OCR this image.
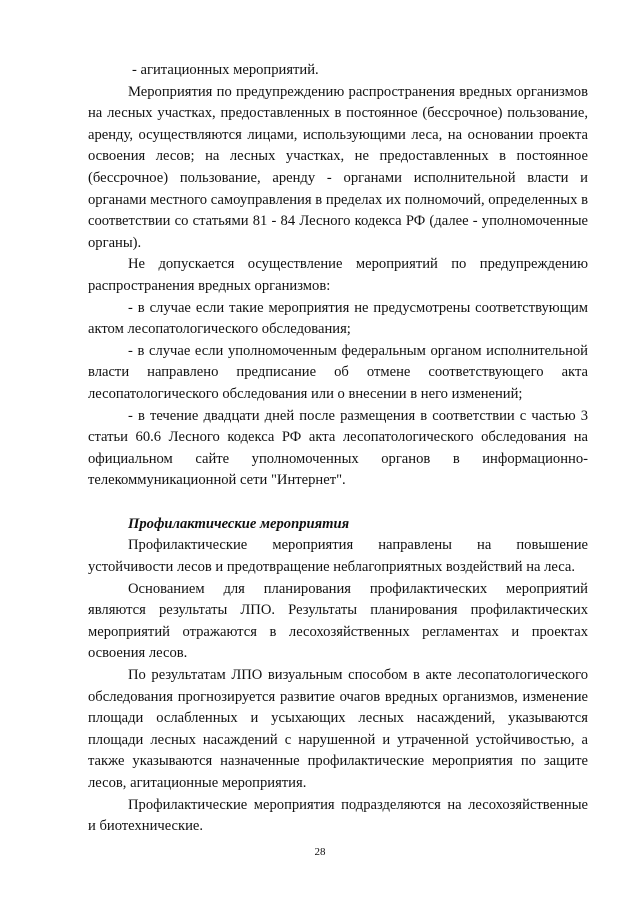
- агитационных мероприятий.

Мероприятия по предупреждению распространения вредных организмов на лесных участках, предоставленных в постоянное (бессрочное) пользование, аренду, осуществляются лицами, использующими леса, на основании проекта освоения лесов; на лесных участках, не предоставленных в постоянное (бессрочное) пользование, аренду - органами исполнительной власти и органами местного самоуправления в пределах их полномочий, определенных в соответствии со статьями 81 - 84 Лесного кодекса РФ (далее - уполномоченные органы).

Не допускается осуществление мероприятий по предупреждению распространения вредных организмов:

- в случае если такие мероприятия не предусмотрены соответствующим актом лесопатологического обследования;

- в случае если уполномоченным федеральным органом исполнительной власти направлено предписание об отмене соответствующего акта лесопатологического обследования или о внесении в него изменений;

- в течение двадцати дней после размещения в соответствии с частью 3 статьи 60.6 Лесного кодекса РФ акта лесопатологического обследования на официальном сайте уполномоченных органов в информационно-телекоммуникационной сети "Интернет".

Профилактические мероприятия

Профилактические мероприятия направлены на повышение устойчивости лесов и предотвращение неблагоприятных воздействий на леса.

Основанием для планирования профилактических мероприятий являются результаты ЛПО. Результаты планирования профилактических мероприятий отражаются в лесохозяйственных регламентах и проектах освоения лесов.

По результатам ЛПО визуальным способом в акте лесопатологического обследования прогнозируется развитие очагов вредных организмов, изменение площади ослабленных и усыхающих лесных насаждений, указываются площади лесных насаждений с нарушенной и утраченной устойчивостью, а также указываются назначенные профилактические мероприятия по защите лесов, агитационные мероприятия.

Профилактические мероприятия подразделяются на лесохозяйственные и биотехнические.

28
